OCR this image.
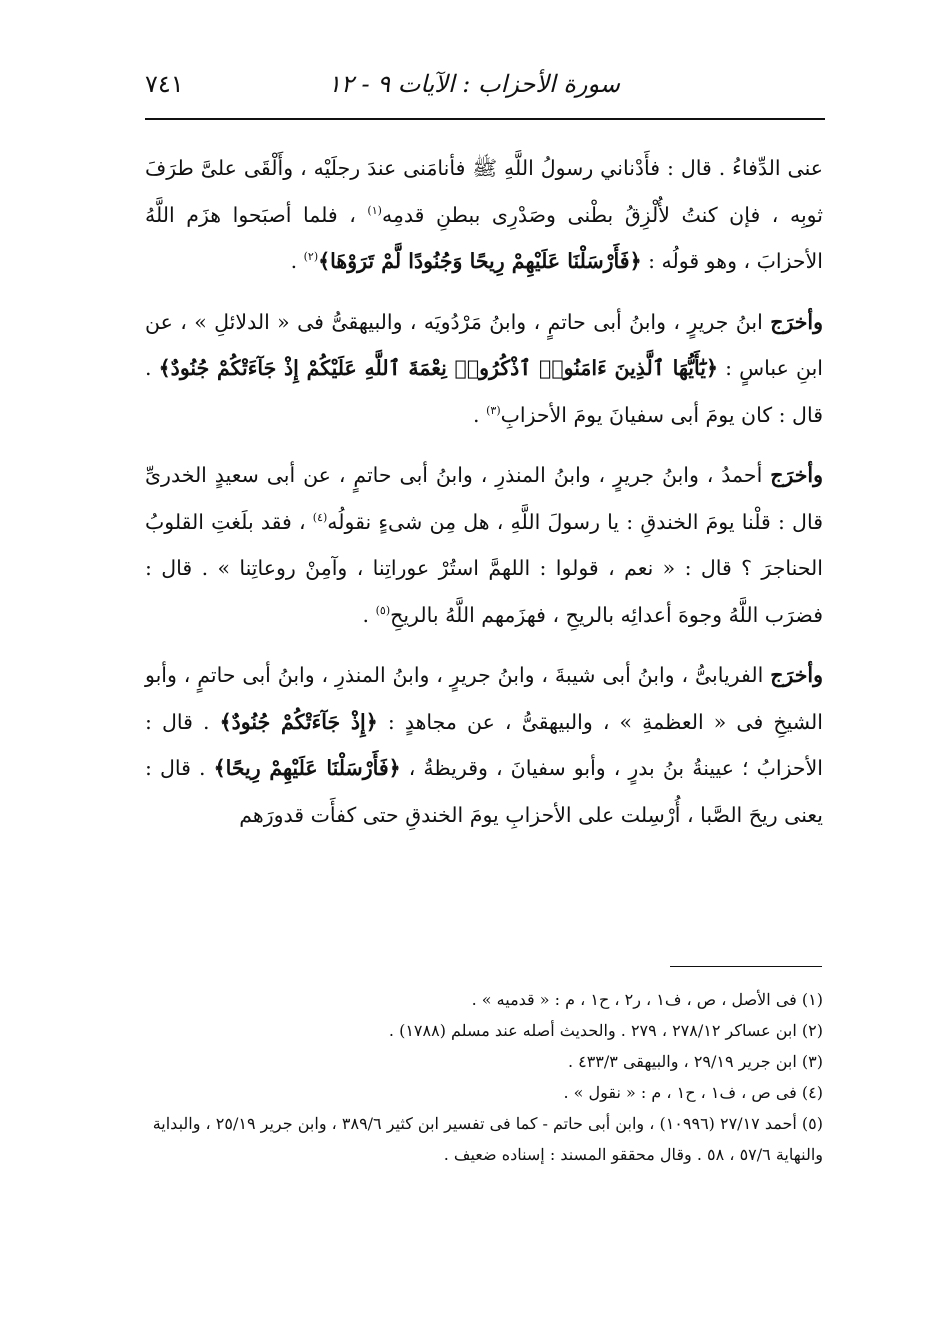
سورة الأحزاب : الآيات ٩ - ١٢
٧٤١

عنى الدِّفاءُ . قال : فأَدْناني رسولُ اللَّهِ ﷺ فأنامَنى عندَ رجلَيْه ، وأَلْقَى علىَّ طرَفَ ثوبِه ، فإن كنتُ لأُلْزِقُ بطْنى وصَدْرِى ببطنِ قدمِه$^{(١)}$ ، فلما أصبَحوا هزَم اللَّهُ الأحزابَ ، وهو قولُه : ﴿فَأَرْسَلْنَا عَلَيْهِمْ رِيحًا وَجُنُودًا لَّمْ تَرَوْهَا﴾$^{(٢)}$ .

وأخرَج ابنُ جريرٍ ، وابنُ أبى حاتمٍ ، وابنُ مَرْدُويَه ، والبيهقىُّ فى « الدلائلِ » ، عن ابنِ عباسٍ : ﴿يَٰٓأَيُّهَا ٱلَّذِينَ ءَامَنُوا۟ ٱذْكُرُوا۟ نِعْمَةَ ٱللَّهِ عَلَيْكُمْ إِذْ جَآءَتْكُمْ جُنُودٌ﴾ . قال : كان يومَ أبى سفيانَ يومَ الأحزابِ$^{(٣)}$ .

وأخرَج أحمدُ ، وابنُ جريرٍ ، وابنُ المنذرِ ، وابنُ أبى حاتمٍ ، عن أبى سعيدٍ الخدرىِّ قال : قلْنا يومَ الخندقِ : يا رسولَ اللَّهِ ، هل مِن شىءٍ نقولُه$^{(٤)}$ ، فقد بلَغتِ القلوبُ الحناجرَ ؟ قال : « نعم ، قولوا : اللهمَّ استُرْ عوراتِنا ، وآمِنْ روعاتِنا » . قال : فضرَب اللَّهُ وجوهَ أعدائِه بالريحِ ، فهزَمهم اللَّهُ بالريحِ$^{(٥)}$ .

وأخرَج الفريابىُّ ، وابنُ أبى شيبةَ ، وابنُ جريرٍ ، وابنُ المنذرِ ، وابنُ أبى حاتمٍ ، وأبو الشيخِ فى « العظمةِ » ، والبيهقىُّ ، عن مجاهدٍ : ﴿إِذْ جَآءَتْكُمْ جُنُودٌ﴾ . قال : الأحزابُ ؛ عيينةُ بنُ بدرٍ ، وأبو سفيانَ ، وقريظةُ ، ﴿فَأَرْسَلْنَا عَلَيْهِمْ رِيحًا﴾ . قال : يعنى ريحَ الصَّبا ، أُرْسِلت على الأحزابِ يومَ الخندقِ حتى كفأَت قدورَهم

(١) فى الأصل ، ص ، ف١ ، ر٢ ، ح١ ، م : « قدميه » .

(٢) ابن عساكر ٢٧٨/١٢ ، ٢٧٩ . والحديث أصله عند مسلم (١٧٨٨) .

(٣) ابن جرير ٢٩/١٩ ، والبيهقى ٤٣٣/٣ .

(٤) فى ص ، ف١ ، ح١ ، م : « نقول » .

(٥) أحمد ٢٧/١٧ (١٠٩٩٦) ، وابن أبى حاتم - كما فى تفسير ابن كثير ٣٨٩/٦ ، وابن جرير ٢٥/١٩ ، والبداية والنهاية ٥٧/٦ ، ٥٨ . وقال محققو المسند : إسناده ضعيف .
